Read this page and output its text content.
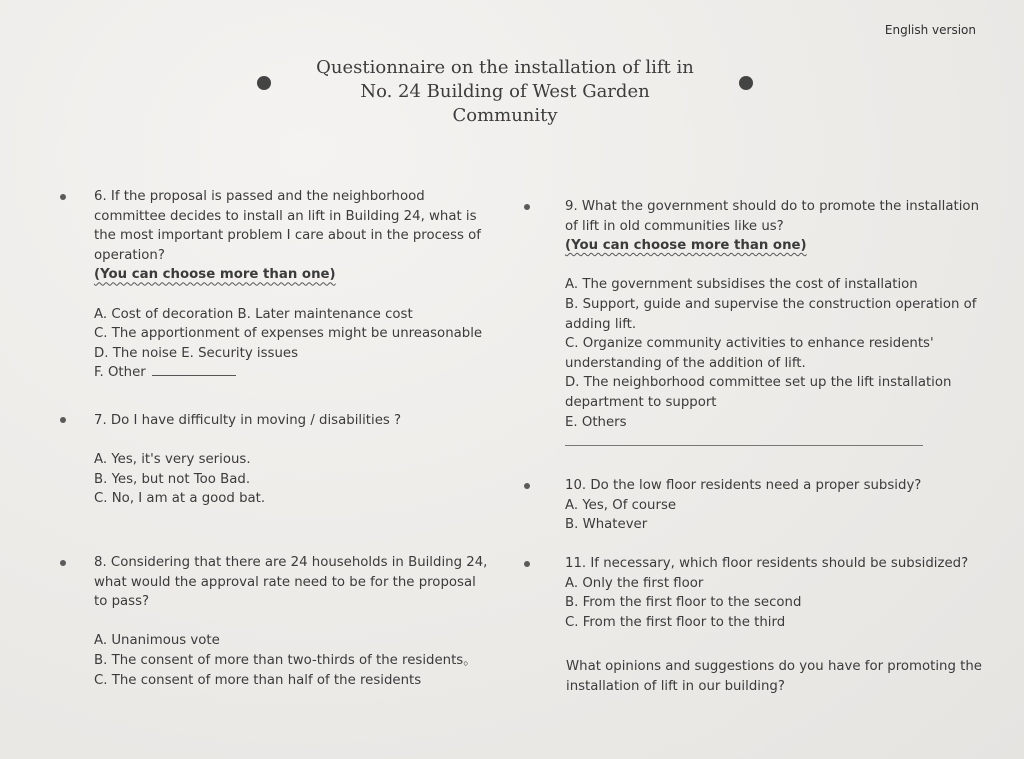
English version
Questionnaire on the installation of lift in
No. 24 Building of West Garden
Community
6. If the proposal is passed and the neighborhood
committee decides to install an lift in Building 24, what is
the most important problem I care about in the process of
operation?
(You can choose more than one)
A. Cost of decoration B. Later maintenance cost
C. The apportionment of expenses might be unreasonable
D. The noise E. Security issues
F. Other
7. Do I have difficulty in moving / disabilities ?
A. Yes, it's very serious.
B. Yes, but not Too Bad.
C. No, I am at a good bat.
8. Considering that there are 24 households in Building 24,
what would the approval rate need to be for the proposal
to pass?
A. Unanimous vote
B. The consent of more than two-thirds of the residents。
C. The consent of more than half of the residents
9. What the government should do to promote the installation
of lift in old communities like us?
(You can choose more than one)
A. The government subsidises the cost of installation
B. Support, guide and supervise the construction operation of
adding lift.
C. Organize community activities to enhance residents'
understanding of the addition of lift.
D. The neighborhood committee set up the lift installation
department to support
E. Others
10. Do the low floor residents need a proper subsidy?
A. Yes, Of course
B. Whatever
11. If necessary, which floor residents should be subsidized?
A. Only the first floor
B. From the first floor to the second
C. From the first floor to the third
What opinions and suggestions do you have for promoting the
installation of lift in our building?
